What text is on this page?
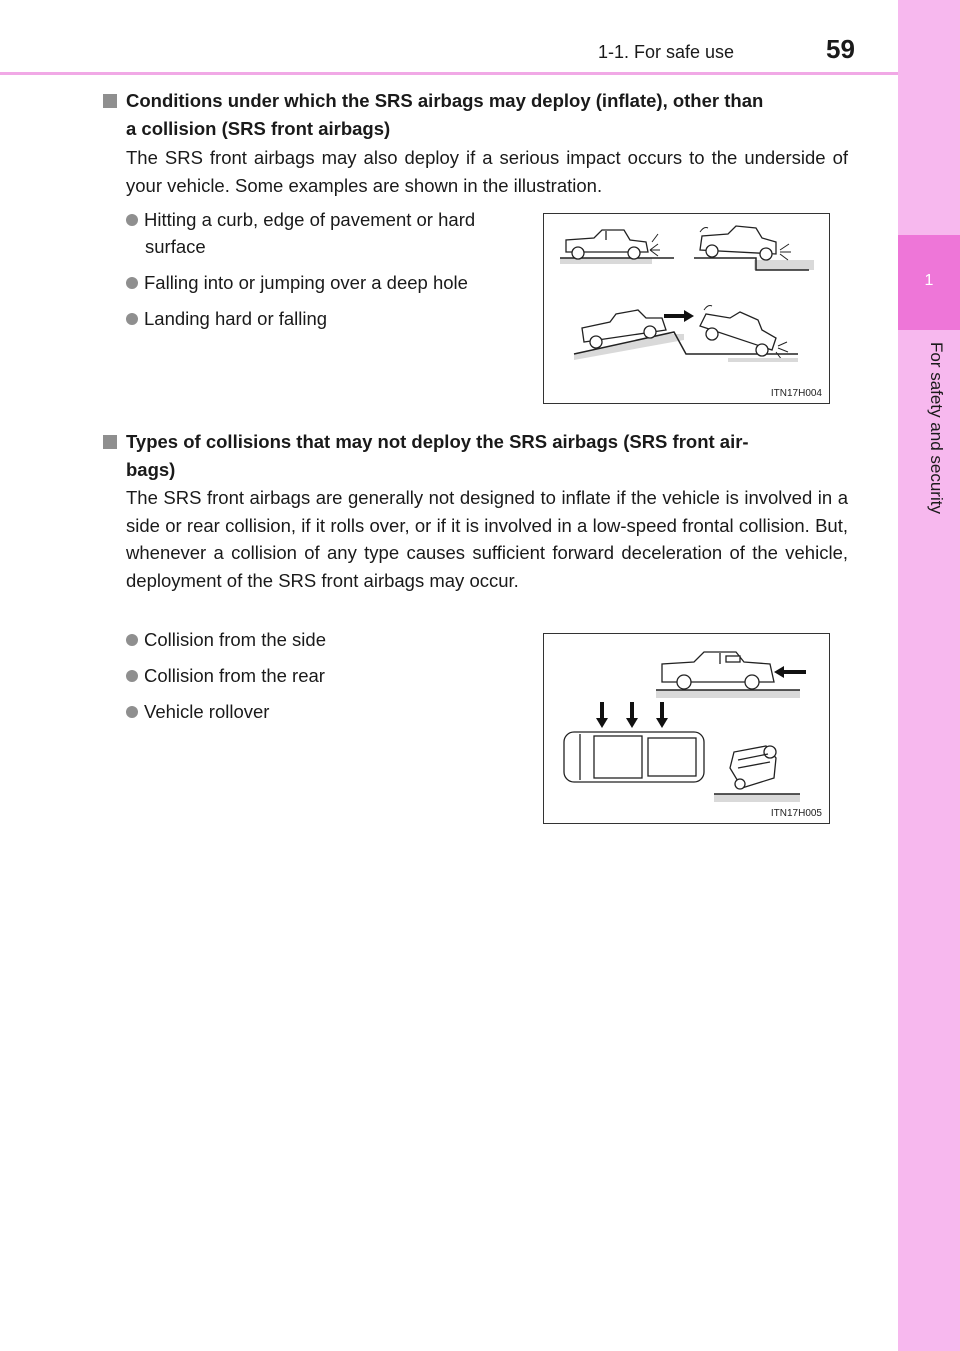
1
For safety and security
1-1. For safe use	59
Conditions under which the SRS airbags may deploy (inflate), other than
a collision (SRS front airbags)
The SRS front airbags may also deploy if a serious impact occurs to the underside of your vehicle. Some examples are shown in the illustration.
Hitting a curb, edge of pavement or hard
surface
Falling into or jumping over a deep hole
Landing hard or falling
ITN17H004
Types of collisions that may not deploy the SRS airbags (SRS front air-
bags)
The SRS front airbags are generally not designed to inflate if the vehicle is involved in a side or rear collision, if it rolls over, or if it is involved in a low-speed frontal collision. But, whenever a collision of any type causes sufficient forward deceleration of the vehicle, deployment of the SRS front airbags may occur.
Collision from the side
Collision from the rear
Vehicle rollover
ITN17H005
